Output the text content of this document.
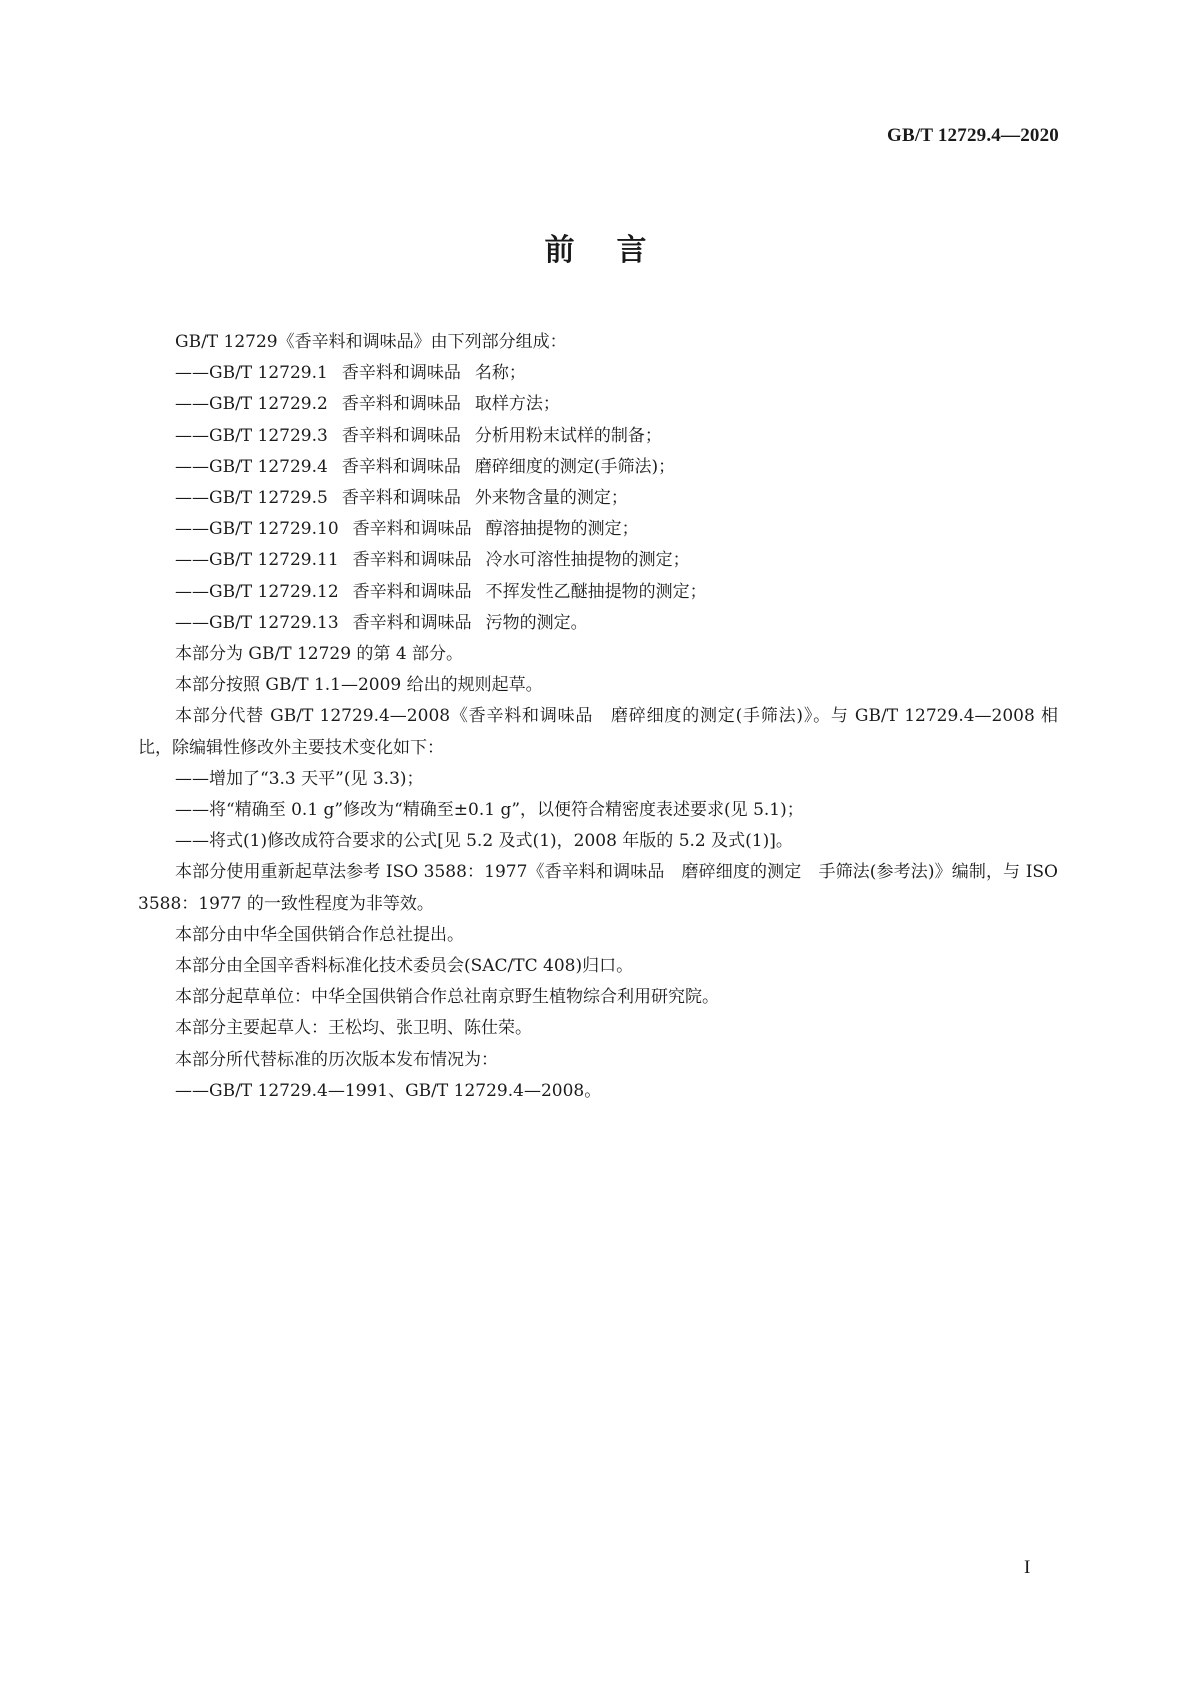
GB/T 12729.4—2020
前言

GB/T 12729《香辛料和调味品》由下列部分组成：

——GB/T 12729.1 香辛料和调味品 名称；

——GB/T 12729.2 香辛料和调味品 取样方法；

——GB/T 12729.3 香辛料和调味品 分析用粉末试样的制备；

——GB/T 12729.4 香辛料和调味品 磨碎细度的测定(手筛法)；

——GB/T 12729.5 香辛料和调味品 外来物含量的测定；

——GB/T 12729.10 香辛料和调味品 醇溶抽提物的测定；

——GB/T 12729.11 香辛料和调味品 冷水可溶性抽提物的测定；

——GB/T 12729.12 香辛料和调味品 不挥发性乙醚抽提物的测定；

——GB/T 12729.13 香辛料和调味品 污物的测定。

本部分为 GB/T 12729 的第 4 部分。

本部分按照 GB/T 1.1—2009 给出的规则起草。

本部分代替 GB/T 12729.4—2008《香辛料和调味品　磨碎细度的测定(手筛法)》。与 GB/T 12729.4—2008 相比，除编辑性修改外主要技术变化如下：

——增加了“3.3 天平”(见 3.3)；

——将“精确至 0.1 g”修改为“精确至±0.1 g”，以便符合精密度表述要求(见 5.1)；

——将式(1)修改成符合要求的公式[见 5.2 及式(1)，2008 年版的 5.2 及式(1)]。

本部分使用重新起草法参考 ISO 3588：1977《香辛料和调味品　磨碎细度的测定　手筛法(参考法)》编制，与 ISO 3588：1977 的一致性程度为非等效。

本部分由中华全国供销合作总社提出。

本部分由全国辛香料标准化技术委员会(SAC/TC 408)归口。

本部分起草单位：中华全国供销合作总社南京野生植物综合利用研究院。

本部分主要起草人：王松均、张卫明、陈仕荣。

本部分所代替标准的历次版本发布情况为：

——GB/T 12729.4—1991、GB/T 12729.4—2008。

I
